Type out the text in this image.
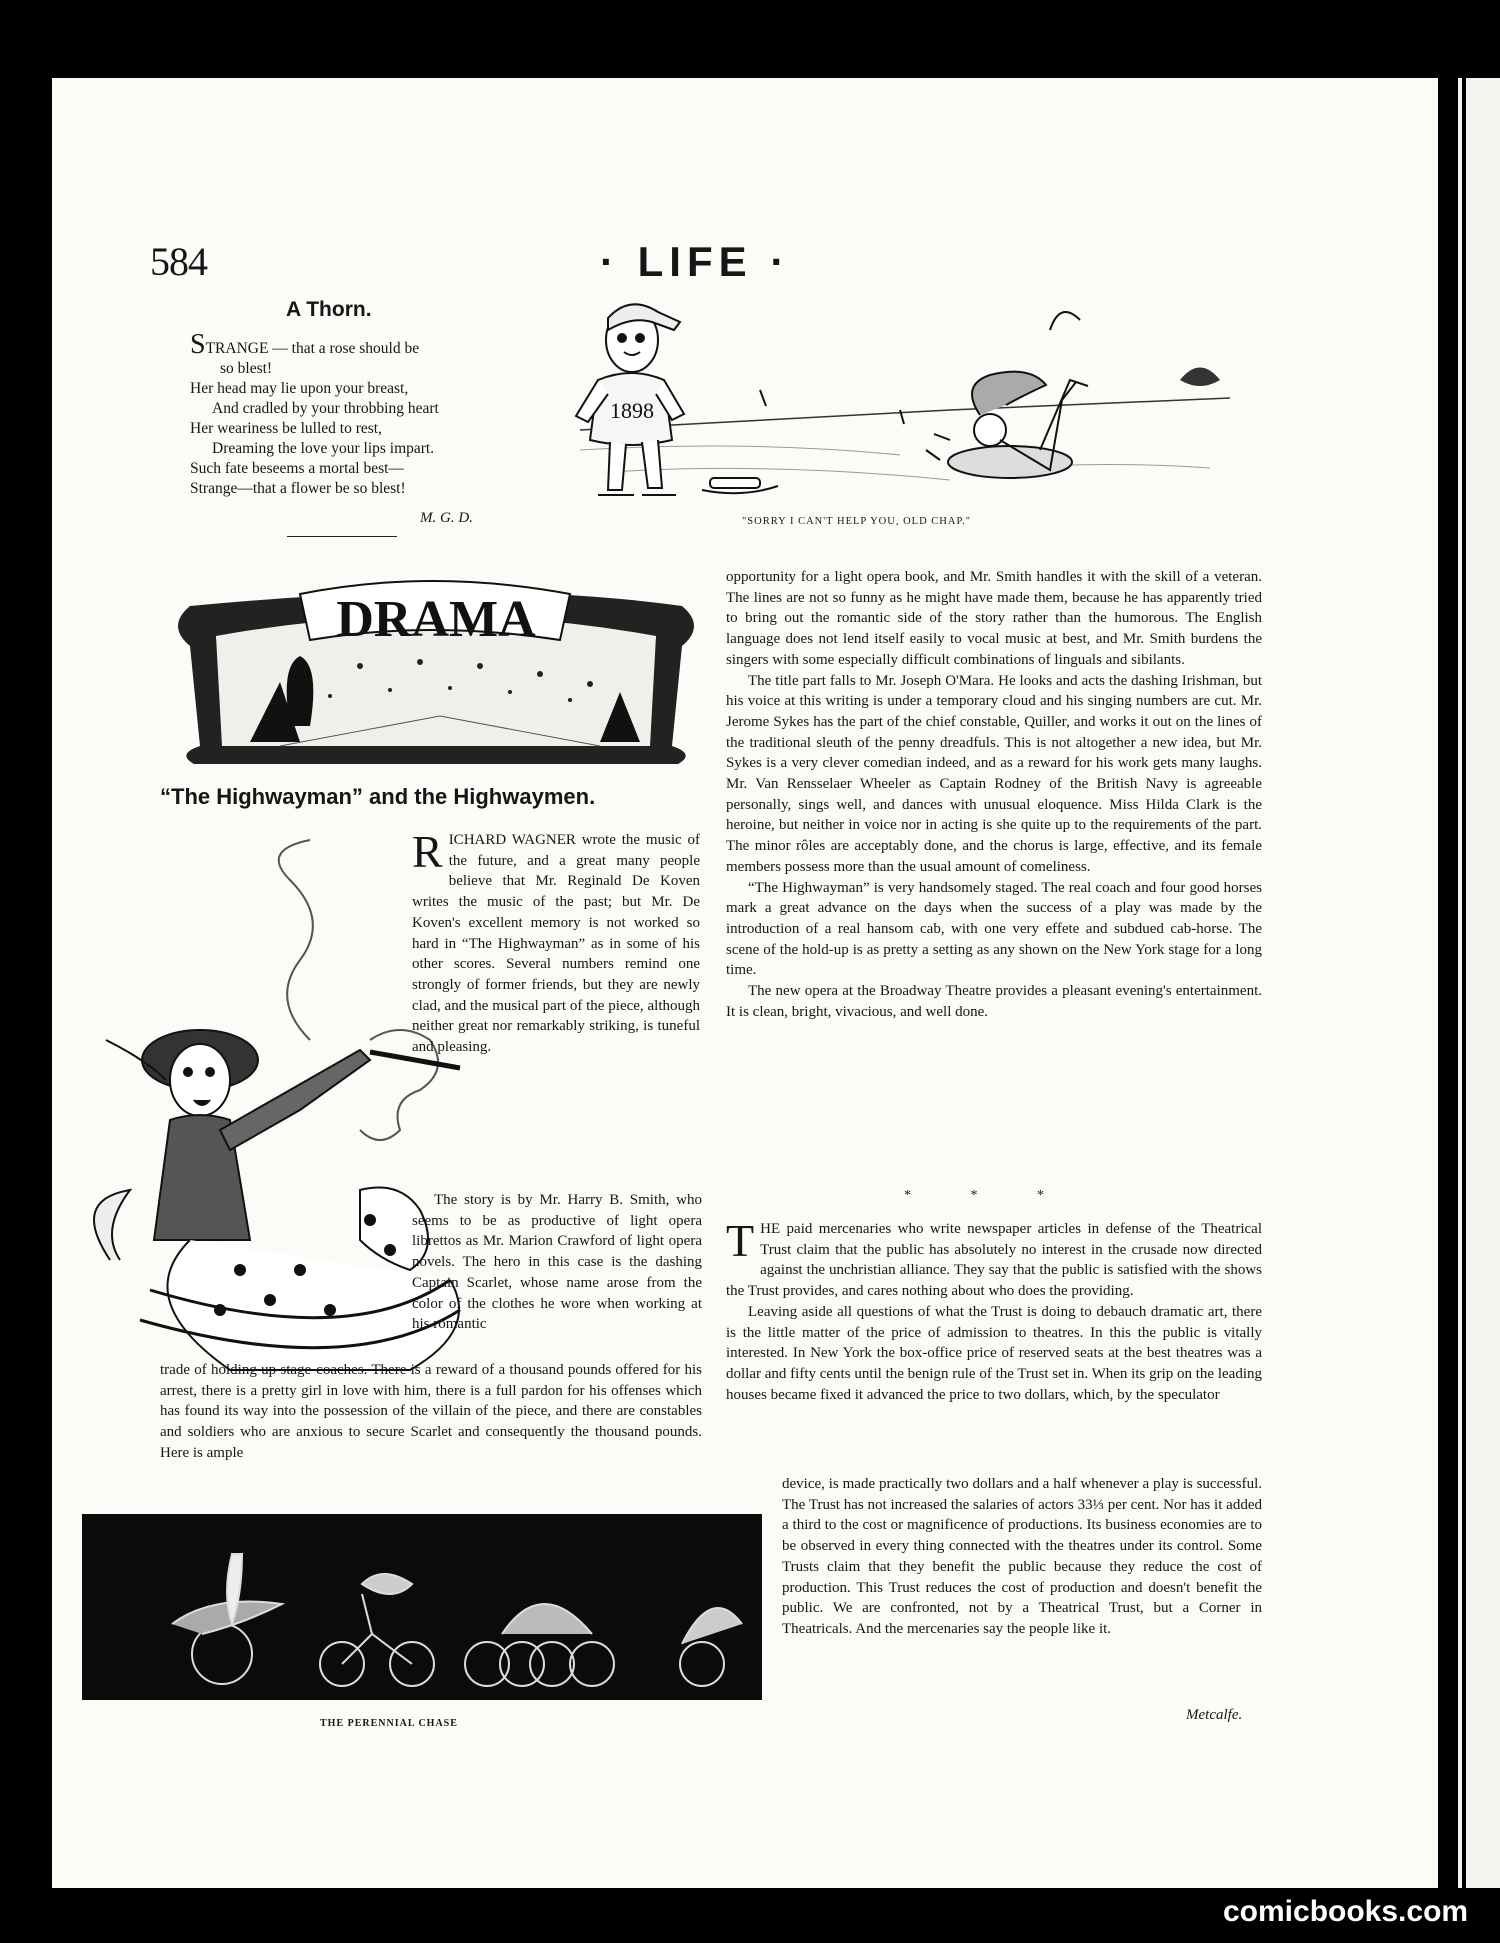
584	· LIFE ·
A Thorn.
STRANGE — that a rose should be
so blest!
Her head may lie upon your breast,
And cradled by your throbbing heart
Her weariness be lulled to rest,
Dreaming the love your lips impart.
Such fate beseems a mortal best—
Strange—that a flower be so blest!
M. G. D.
1898
"SORRY I CAN'T HELP YOU, OLD CHAP."
DRAMA
“The Highwayman” and the Highwaymen.

RICHARD WAGNER wrote the music of the future, and a great many people believe that Mr. Reginald De Koven writes the music of the past; but Mr. De Koven's excellent memory is not worked so hard in “The Highwayman” as in some of his other scores. Several numbers remind one strongly of former friends, but they are newly clad, and the musical part of the piece, although neither great nor remarkably striking, is tuneful and pleasing.

The story is by Mr. Harry B. Smith, who seems to be as productive of light opera librettos as Mr. Marion Crawford of light opera novels. The hero in this case is the dashing Captain Scarlet, whose name arose from the color of the clothes he wore when working at his romantic

trade of holding up stage-coaches. There is a reward of a thousand pounds offered for his arrest, there is a pretty girl in love with him, there is a full pardon for his offenses which has found its way into the possession of the villain of the piece, and there are constables and soldiers who are anxious to secure Scarlet and consequently the thousand pounds. Here is ample

opportunity for a light opera book, and Mr. Smith handles it with the skill of a veteran. The lines are not so funny as he might have made them, because he has apparently tried to bring out the romantic side of the story rather than the humorous. The English language does not lend itself easily to vocal music at best, and Mr. Smith burdens the singers with some especially difficult combinations of linguals and sibilants.

The title part falls to Mr. Joseph O'Mara. He looks and acts the dashing Irishman, but his voice at this writing is under a temporary cloud and his singing numbers are cut. Mr. Jerome Sykes has the part of the chief constable, Quiller, and works it out on the lines of the traditional sleuth of the penny dreadfuls. This is not altogether a new idea, but Mr. Sykes is a very clever comedian indeed, and as a reward for his work gets many laughs. Mr. Van Rensselaer Wheeler as Captain Rodney of the British Navy is agreeable personally, sings well, and dances with unusual eloquence. Miss Hilda Clark is the heroine, but neither in voice nor in acting is she quite up to the requirements of the part. The minor rôles are acceptably done, and the chorus is large, effective, and its female members possess more than the usual amount of comeliness.

“The Highwayman” is very handsomely staged. The real coach and four good horses mark a great advance on the days when the success of a play was made by the introduction of a real hansom cab, with one very effete and subdued cab-horse. The scene of the hold-up is as pretty a setting as any shown on the New York stage for a long time.

The new opera at the Broadway Theatre provides a pleasant evening's entertainment. It is clean, bright, vivacious, and well done.

* * *

THE paid mercenaries who write newspaper articles in defense of the Theatrical Trust claim that the public has absolutely no interest in the crusade now directed against the unchristian alliance. They say that the public is satisfied with the shows the Trust provides, and cares nothing about who does the providing.

Leaving aside all questions of what the Trust is doing to debauch dramatic art, there is the little matter of the price of admission to theatres. In this the public is vitally interested. In New York the box-office price of reserved seats at the best theatres was a dollar and fifty cents until the benign rule of the Trust set in. When its grip on the leading houses became fixed it advanced the price to two dollars, which, by the speculator

device, is made practically two dollars and a half whenever a play is successful. The Trust has not increased the salaries of actors 33⅓ per cent. Nor has it added a third to the cost or magnificence of productions. Its business economies are to be observed in every thing connected with the theatres under its control. Some Trusts claim that they benefit the public because they reduce the cost of production. This Trust reduces the cost of production and doesn't benefit the public. We are confronted, not by a Theatrical Trust, but a Corner in Theatricals. And the mercenaries say the people like it.

Metcalfe.
THE PERENNIAL CHASE
comicbooks.com
